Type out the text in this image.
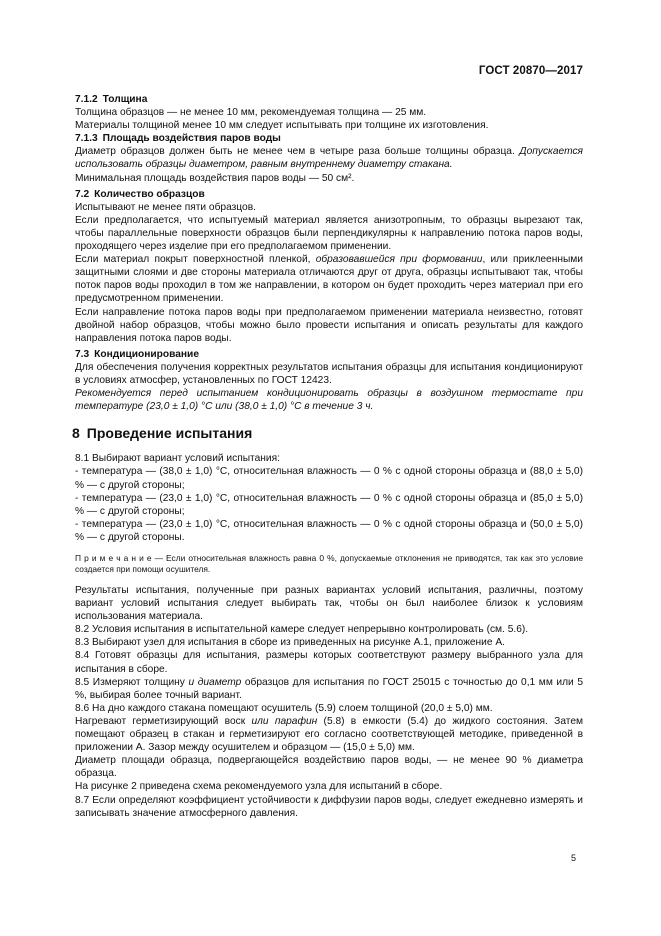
ГОСТ 20870—2017

7.1.2 Толщина

Толщина образцов — не менее 10 мм, рекомендуемая толщина — 25 мм.

Материалы толщиной менее 10 мм следует испытывать при толщине их изготовления.

7.1.3 Площадь воздействия паров воды

Диаметр образцов должен быть не менее чем в четыре раза больше толщины образца. Допускается использовать образцы диаметром, равным внутреннему диаметру стакана.

Минимальная площадь воздействия паров воды — 50 см².

7.2 Количество образцов

Испытывают не менее пяти образцов.

Если предполагается, что испытуемый материал является анизотропным, то образцы вырезают так, чтобы параллельные поверхности образцов были перпендикулярны к направлению потока паров воды, проходящего через изделие при его предполагаемом применении.

Если материал покрыт поверхностной пленкой, образовавшейся при формовании, или приклеенными защитными слоями и две стороны материала отличаются друг от друга, образцы испытывают так, чтобы поток паров воды проходил в том же направлении, в котором он будет проходить через материал при его предусмотренном применении.

Если направление потока паров воды при предполагаемом применении материала неизвестно, готовят двойной набор образцов, чтобы можно было провести испытания и описать результаты для каждого направления потока паров воды.

7.3 Кондиционирование

Для обеспечения получения корректных результатов испытания образцы для испытания кондиционируют в условиях атмосфер, установленных по ГОСТ 12423.

Рекомендуется перед испытанием кондиционировать образцы в воздушном термостате при температуре (23,0 ± 1,0) °С или (38,0 ± 1,0) °С в течение 3 ч.

8 Проведение испытания

8.1 Выбирают вариант условий испытания:

- температура — (38,0 ± 1,0) °С, относительная влажность — 0 % с одной стороны образца и (88,0 ± 5,0) % — с другой стороны;

- температура — (23,0 ± 1,0) °С, относительная влажность — 0 % с одной стороны образца и (85,0 ± 5,0) % — с другой стороны;

- температура — (23,0 ± 1,0) °С, относительная влажность — 0 % с одной стороны образца и (50,0 ± 5,0) % — с другой стороны.

П р и м е ч а н и е — Если относительная влажность равна 0 %, допускаемые отклонения не приводятся, так как это условие создается при помощи осушителя.

Результаты испытания, полученные при разных вариантах условий испытания, различны, поэтому вариант условий испытания следует выбирать так, чтобы он был наиболее близок к условиям использования материала.

8.2 Условия испытания в испытательной камере следует непрерывно контролировать (см. 5.6).

8.3 Выбирают узел для испытания в сборе из приведенных на рисунке А.1, приложение А.

8.4 Готовят образцы для испытания, размеры которых соответствуют размеру выбранного узла для испытания в сборе.

8.5 Измеряют толщину и диаметр образцов для испытания по ГОСТ 25015 с точностью до 0,1 мм или 5 %, выбирая более точный вариант.

8.6 На дно каждого стакана помещают осушитель (5.9) слоем толщиной (20,0 ± 5,0) мм.

Нагревают герметизирующий воск или парафин (5.8) в емкости (5.4) до жидкого состояния. Затем помещают образец в стакан и герметизируют его согласно соответствующей методике, приведенной в приложении А. Зазор между осушителем и образцом — (15,0 ± 5,0) мм.

Диаметр площади образца, подвергающейся воздействию паров воды, — не менее 90 % диаметра образца.

На рисунке 2 приведена схема рекомендуемого узла для испытаний в сборе.

8.7 Если определяют коэффициент устойчивости к диффузии паров воды, следует ежедневно измерять и записывать значение атмосферного давления.

5
